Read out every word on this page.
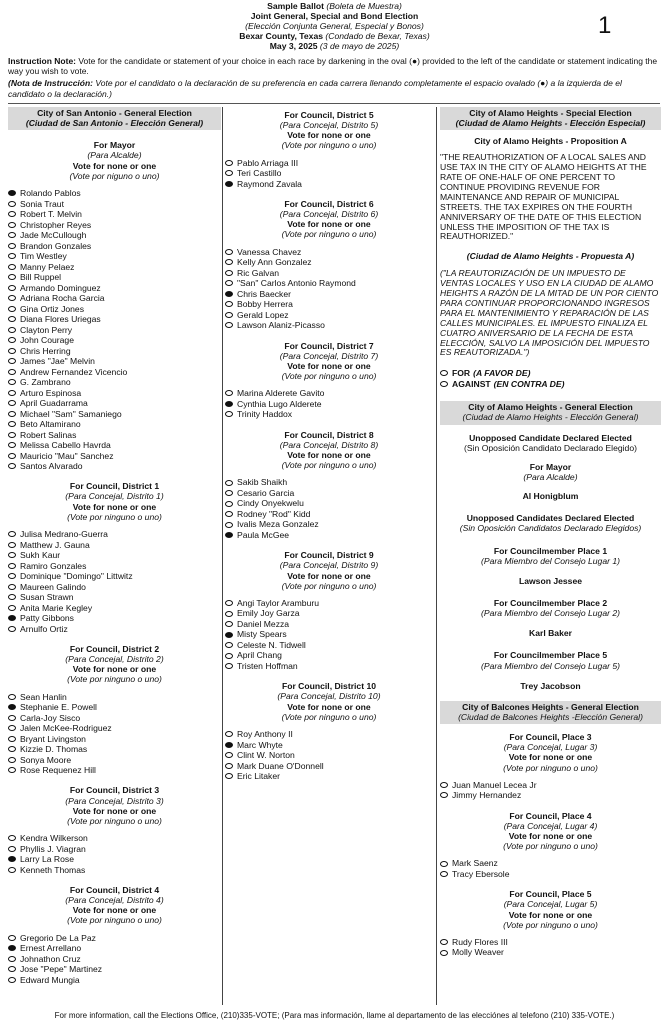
Sample Ballot (Boleta de Muestra)
Joint General, Special and Bond Election
(Elección Conjunta General, Especial y Bonos)
Bexar County, Texas (Condado de Bexar, Texas)
May 3, 2025 (3 de mayo de 2025)
1

Instruction Note: Vote for the candidate or statement of your choice in each race by darkening in the oval (●) provided to the left of the candidate or statement indicating the way you wish to vote.

(Nota de Instrucción: Vote por el candidato o la declaración de su preferencia en cada carrera llenando completamente el espacio ovalado (●) a la izquierda de el candidato o la declaración.)

City of San Antonio - General Election
(Ciudad de San Antonio - Elección General)
For Mayor
(Para Alcalde)
Vote for none or one
(Vote por niguno o uno)
Rolando Pablos
Sonia Traut
Robert T. Melvin
Christopher Reyes
Jade McCullough
Brandon Gonzales
Tim Westley
Manny Pelaez
Bill Ruppel
Armando Dominguez
Adriana Rocha Garcia
Gina Ortiz Jones
Diana Flores Uriegas
Clayton Perry
John Courage
Chris Herring
James "Jae" Melvin
Andrew Fernandez Vicencio
G. Zambrano
Arturo Espinosa
April Guadarrama
Michael "Sam" Samaniego
Beto Altamirano
Robert Salinas
Melissa Cabello Havrda
Mauricio "Mau" Sanchez
Santos Alvarado
For Council, District 1
(Para Concejal, Distrito 1)
Vote for none or one
(Vote por ninguno o uno)
Julisa Medrano-Guerra
Matthew J. Gauna
Sukh Kaur
Ramiro Gonzales
Dominique "Domingo" Littwitz
Maureen Galindo
Susan Strawn
Anita Marie Kegley
Patty Gibbons
Arnulfo Ortiz
For Council, District 2
(Para Concejal, Distrito 2)
Vote for none or one
(Vote por ninguno o uno)
Sean Hanlin
Stephanie E. Powell
Carla-Joy Sisco
Jalen McKee-Rodriguez
Bryant Livingston
Kizzie D. Thomas
Sonya Moore
Rose Requenez Hill
For Council, District 3
(Para Concejal, Distrito 3)
Vote for none or one
(Vote por ninguno o uno)
Kendra Wilkerson
Phyllis J. Viagran
Larry La Rose
Kenneth Thomas
For Council, District 4
(Para Concejal, Distrito 4)
Vote for none or one
(Vote por ninguno o uno)
Gregorio De La Paz
Ernest Arrellano
Johnathon Cruz
Jose "Pepe" Martinez
Edward Mungia
For Council, District 5
(Para Concejal, Distrito 5)
Vote for none or one
(Vote por ninguno o uno)
Pablo Arriaga III
Teri Castillo
Raymond Zavala
For Council, District 6
(Para Concejal, Distrito 6)
Vote for none or one
(Vote por ninguno o uno)
Vanessa Chavez
Kelly Ann Gonzalez
Ric Galvan
"San" Carlos Antonio Raymond
Chris Baecker
Bobby Herrera
Gerald Lopez
Lawson Alaniz-Picasso
For Council, District 7
(Para Concejal, Distrito 7)
Vote for none or one
(Vote por ninguno o uno)
Marina Alderete Gavito
Cynthia Lugo Alderete
Trinity Haddox
For Council, District 8
(Para Concejal, Distrito 8)
Vote for none or one
(Vote por ninguno o uno)
Sakib Shaikh
Cesario Garcia
Cindy Onyekwelu
Rodney "Rod" Kidd
Ivalis Meza Gonzalez
Paula McGee
For Council, District 9
(Para Concejal, Distrito 9)
Vote for none or one
(Vote por ninguno o uno)
Angi Taylor Aramburu
Emily Joy Garza
Daniel Mezza
Misty Spears
Celeste N. Tidwell
April Chang
Tristen Hoffman
For Council, District 10
(Para Concejal, Distrito 10)
Vote for none or one
(Vote por ninguno o uno)
Roy Anthony II
Marc Whyte
Clint W. Norton
Mark Duane O'Donnell
Eric Litaker
City of Alamo Heights - Special Election
(Ciudad de Alamo Heights - Elección Especial)
City of Alamo Heights - Proposition A

"THE REAUTHORIZATION OF A LOCAL SALES AND USE TAX IN THE CITY OF ALAMO HEIGHTS AT THE RATE OF ONE-HALF OF ONE PERCENT TO CONTINUE PROVIDING REVENUE FOR MAINTENANCE AND REPAIR OF MUNICIPAL STREETS. THE TAX EXPIRES ON THE FOURTH ANNIVERSARY OF THE DATE OF THIS ELECTION UNLESS THE IMPOSITION OF THE TAX IS REAUTHORIZED."

(Ciudad de Alamo Heights - Propuesta A)

("LA REAUTORIZACIÓN DE UN IMPUESTO DE VENTAS LOCALES Y USO EN LA CIUDAD DE ALAMO HEIGHTS A RAZÓN DE LA MITAD DE UN POR CIENTO PARA CONTINUAR PROPORCIONANDO INGRESOS PARA EL MANTENIMIENTO Y REPARACIÓN DE LAS CALLES MUNICIPALES. EL IMPUESTO FINALIZA EL CUATRO ANIVERSARIO DE LA FECHA DE ESTA ELECCIÓN, SALVO LA IMPOSICIÓN DEL IMPUESTO ES REAUTORIZADA.")

FOR (A FAVOR DE)
AGAINST (EN CONTRA DE)
City of Alamo Heights - General Election
(Ciudad de Alamo Heights - Elección General)
Unopposed Candidate Declared Elected
(Sin Oposición Candidato Declarado Elegido)
For Mayor
(Para Alcalde)
Al Honigblum
Unopposed Candidates Declared Elected
(Sin Oposición Candidatos Declarado Elegidos)
For Councilmember Place 1
(Para Miembro del Consejo Lugar 1)
Lawson Jessee
For Councilmember Place 2
(Para Miembro del Consejo Lugar 2)
Karl Baker
For Councilmember Place 5
(Para Miembro del Consejo Lugar 5)
Trey Jacobson
City of Balcones Heights - General Election
(Ciudad de Balcones Heights -Elección General)
For Council, Place 3
(Para Concejal, Lugar 3)
Vote for none or one
(Vote por ninguno o uno)
Juan Manuel Lecea Jr
Jimmy Hernandez
For Council, Place 4
(Para Concejal, Lugar 4)
Vote for none or one
(Vote por ninguno o uno)
Mark Saenz
Tracy Ebersole
For Council, Place 5
(Para Concejal, Lugar 5)
Vote for none or one
(Vote por ninguno o uno)
Rudy Flores III
Molly Weaver
For more information, call the Elections Office, (210)335-VOTE; (Para mas información, llame al departamento de las elecciónes al telefono (210) 335-VOTE.)
